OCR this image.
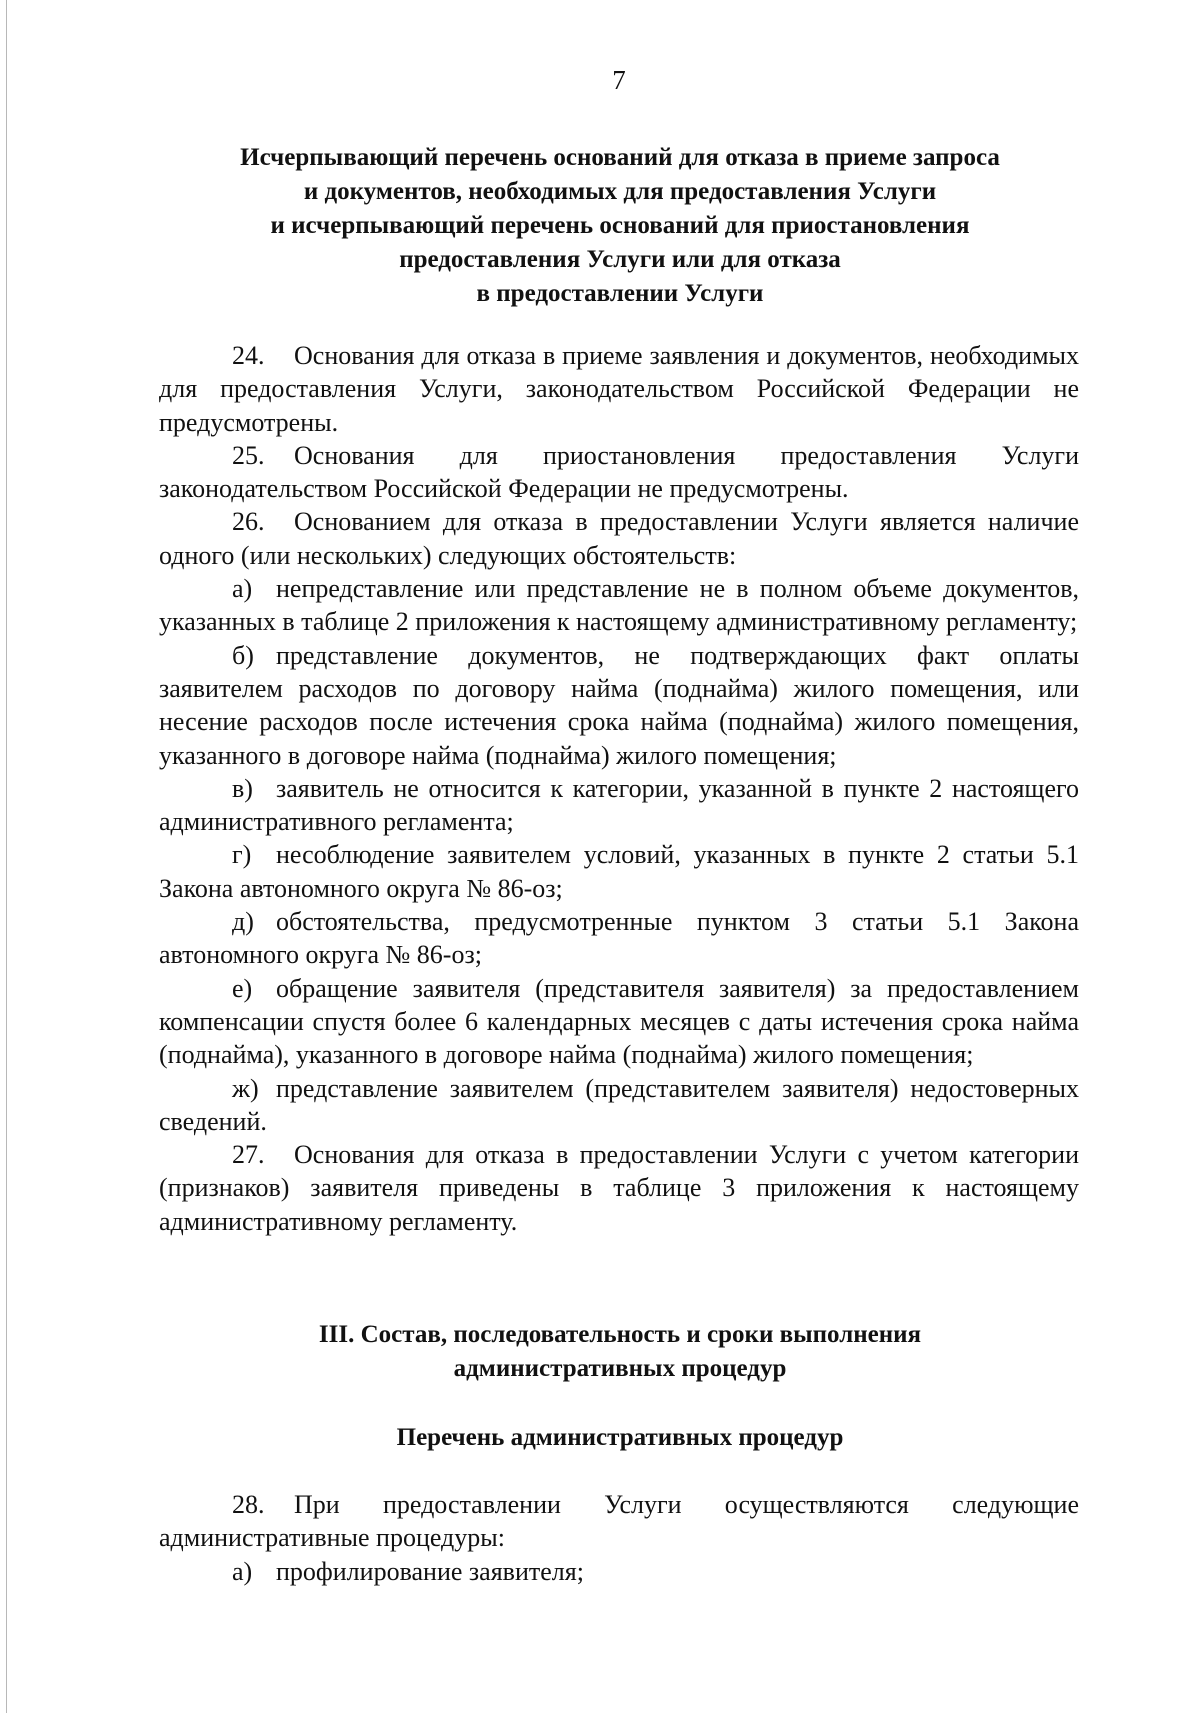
7
Исчерпывающий перечень оснований для отказа в приеме запроса
и документов, необходимых для предоставления Услуги
и исчерпывающий перечень оснований для приостановления
предоставления Услуги или для отказа
в предоставлении Услуги

24. Основания для отказа в приеме заявления и документов, необходимых для предоставления Услуги, законодательством Российской Федерации не предусмотрены.

25. Основания для приостановления предоставления Услуги законодательством Российской Федерации не предусмотрены.

26. Основанием для отказа в предоставлении Услуги является наличие одного (или нескольких) следующих обстоятельств:

а) непредставление или представление не в полном объеме документов, указанных в таблице 2 приложения к настоящему административному регламенту;

б) представление документов, не подтверждающих факт оплаты заявителем расходов по договору найма (поднайма) жилого помещения, или несение расходов после истечения срока найма (поднайма) жилого помещения, указанного в договоре найма (поднайма) жилого помещения;

в) заявитель не относится к категории, указанной в пункте 2 настоящего административного регламента;

г) несоблюдение заявителем условий, указанных в пункте 2 статьи 5.1 Закона автономного округа № 86-оз;

д) обстоятельства, предусмотренные пунктом 3 статьи 5.1 Закона автономного округа № 86-оз;

е) обращение заявителя (представителя заявителя) за предоставлением компенсации спустя более 6 календарных месяцев с даты истечения срока найма (поднайма), указанного в договоре найма (поднайма) жилого помещения;

ж) представление заявителем (представителем заявителя) недостоверных сведений.

27. Основания для отказа в предоставлении Услуги с учетом категории (признаков) заявителя приведены в таблице 3 приложения к настоящему административному регламенту.

III. Состав, последовательность и сроки выполнения
административных процедур
Перечень административных процедур

28. При предоставлении Услуги осуществляются следующие административные процедуры:

а) профилирование заявителя;
